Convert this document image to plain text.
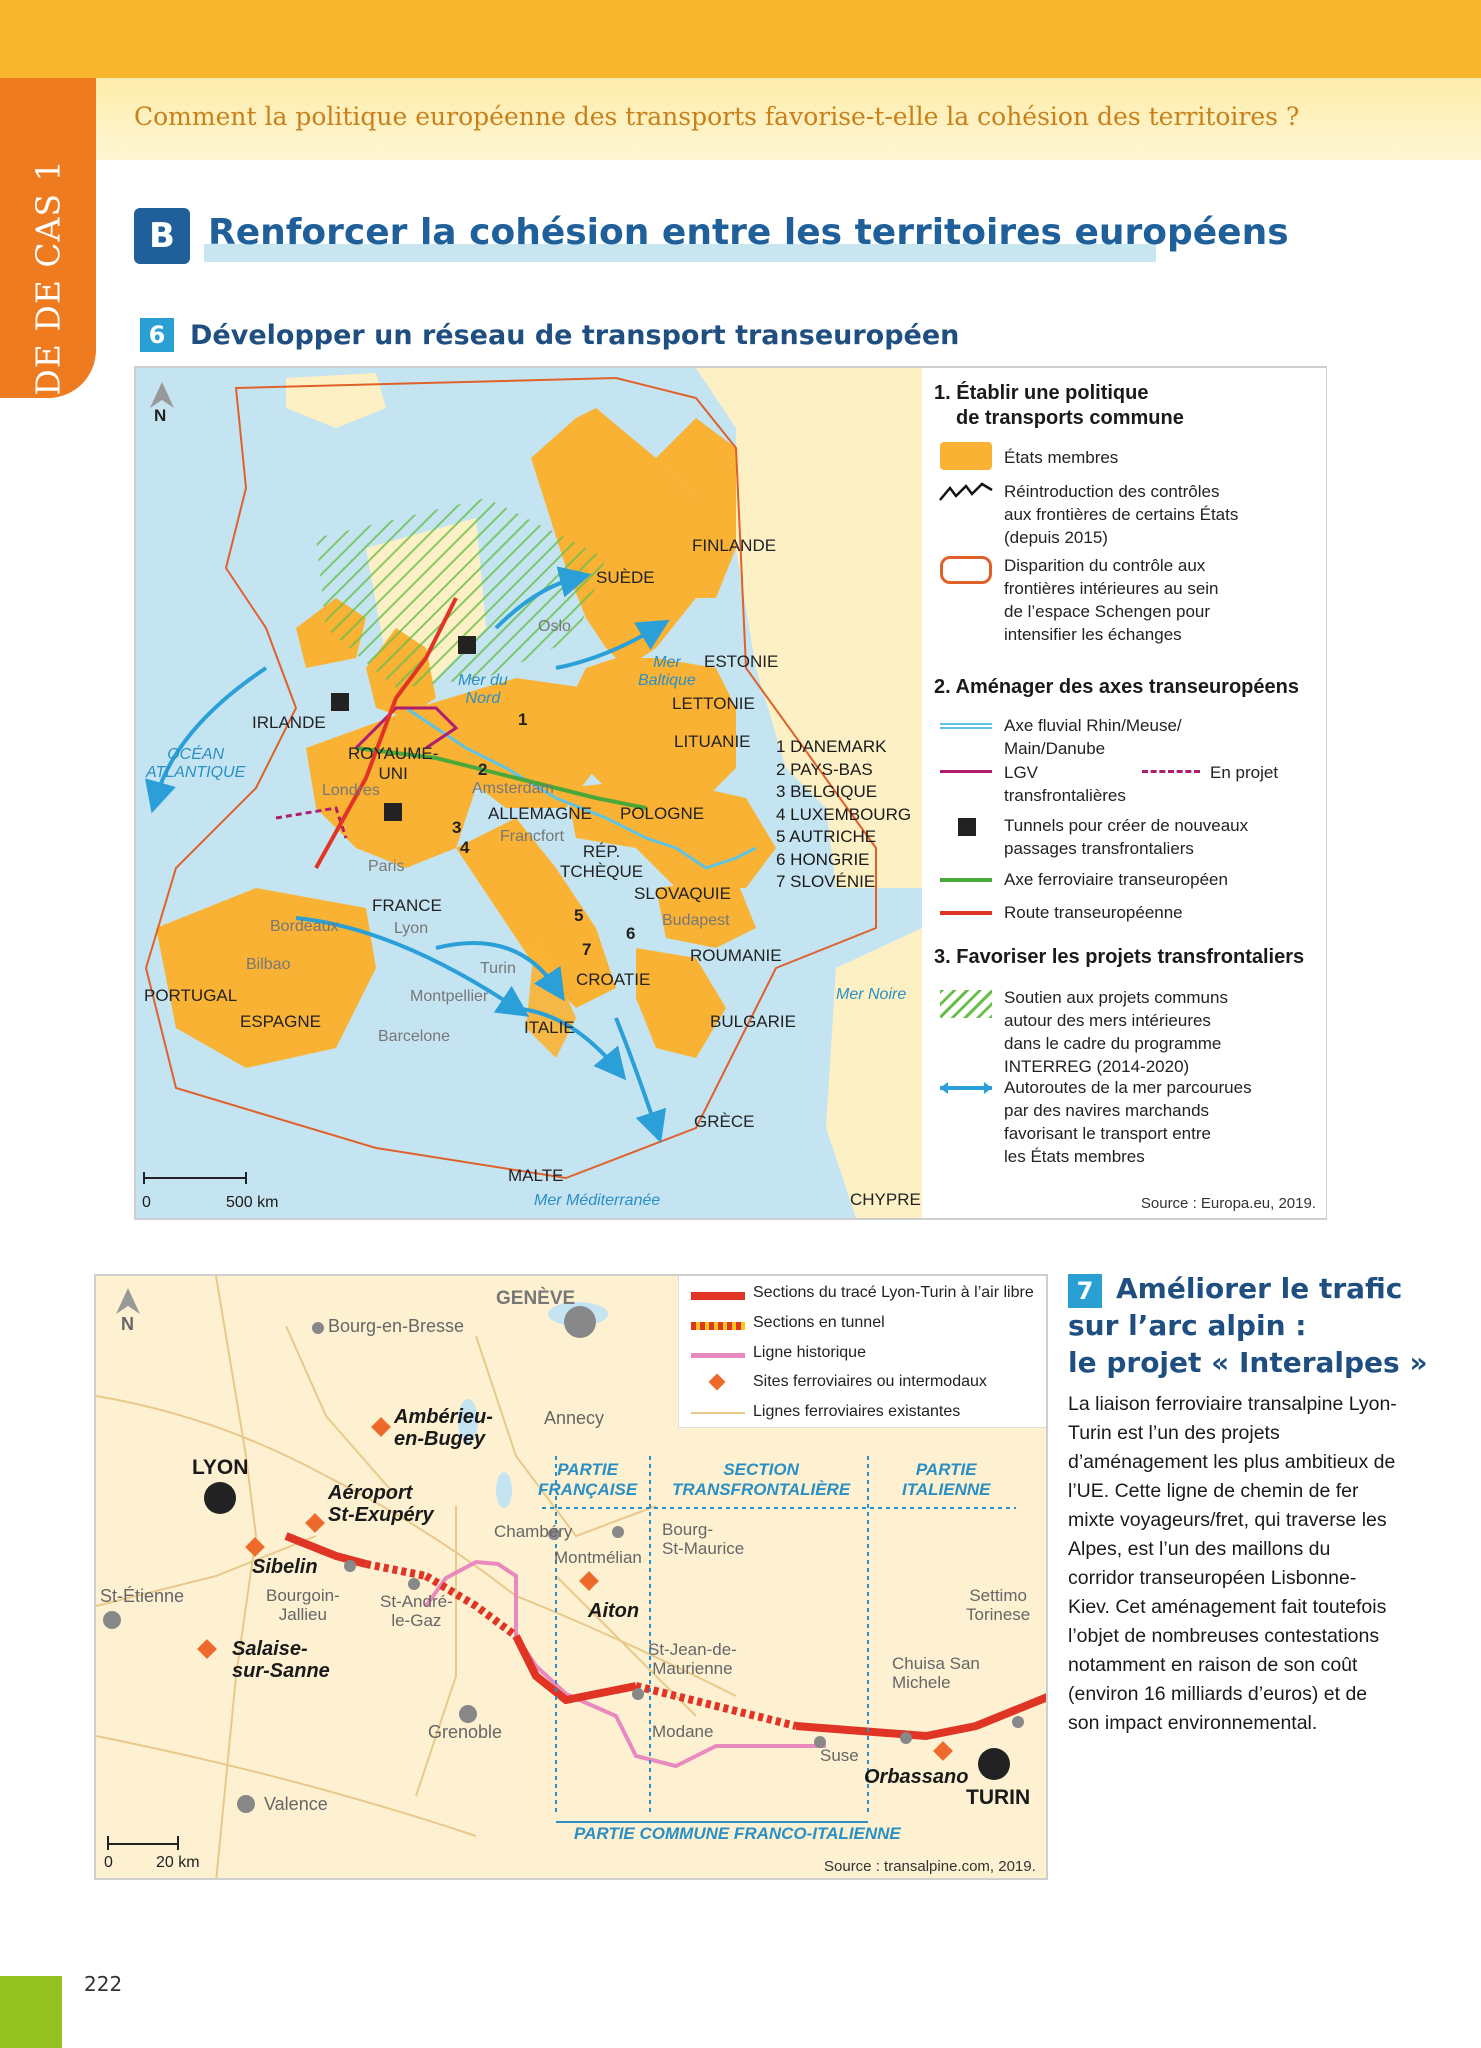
ÉTUDE DE CAS 1
Comment la politique européenne des transports favorise-t-elle la cohésion des territoires ?
B Renforcer la cohésion entre les territoires européens
6 Développer un réseau de transport transeuropéen
N
IRLANDE
ROYAUME-
UNI
FRANCE
ESPAGNE
PORTUGAL
ITALIE
ALLEMAGNE POLOGNE
RÉP.
TCHÈQUE
SLOVAQUIE
ROUMANIE
BULGARIE
GRÈCE
CROATIE
SUÈDE
FINLANDE
ESTONIE
LETTONIE
LITUANIE
MALTE
CHYPRE
Oslo
Amsterdam
Londres
Francfort
Paris
Lyon
Bordeaux
Bilbao	Turin
Montpellier
Barcelone
Budapest
OCÉAN
ATLANTIQUE
Mer du
Nord
Mer
Baltique
Mer Noire
Mer Méditerranée
1
2
3
4
5
6
7
1 DANEMARK
2 PAYS-BAS
3 BELGIQUE
4 LUXEMBOURG
5 AUTRICHE
6 HONGRIE
7 SLOVÉNIE
0	500 km
1. Établir une politique
de transports commune
États membres
Réintroduction des contrôles
aux frontières de certains États
(depuis 2015)
Disparition du contrôle aux
frontières intérieures au sein
de l’espace Schengen pour
intensifier les échanges
2. Aménager des axes transeuropéens
Axe fluvial Rhin/Meuse/
Main/Danube
LGV
transfrontalières
En projet
Tunnels pour créer de nouveaux
passages transfrontaliers
Axe ferroviaire transeuropéen
Route transeuropéenne
3. Favoriser les projets transfrontaliers
Soutien aux projets communs
autour des mers intérieures
dans le cadre du programme
INTERREG (2014-2020)
Autoroutes de la mer parcourues
par des navires marchands
favorisant le transport entre
les États membres
Source : Europa.eu, 2019.
N
LYON
GENÈVE
TURIN
Bourg-en-Bresse
Annecy
Chambéry
Montmélian
Bourg-
St-Maurice
St-Étienne	Bourgoin-
Jallieu
St-André-
le-Gaz
Grenoble
Valence
St-Jean-de-
Maurienne
Modane
Suse
Chuisa San
Michele
Settimo
Torinese
Ambérieu-
en-Bugey
Aéroport
St-Exupéry
Sibelin
Salaise-
sur-Sanne
Aiton
Orbassano
PARTIE
FRANÇAISE
SECTION
TRANSFRONTALIÈRE
PARTIE
ITALIENNE
PARTIE COMMUNE FRANCO-ITALIENNE
0	20 km	Source : transalpine.com, 2019.
Sections du tracé Lyon-Turin à l’air libre
Sections en tunnel
Ligne historique
Sites ferroviaires ou intermodaux
Lignes ferroviaires existantes
7 Améliorer le trafic
sur l’arc alpin :
le projet « Interalpes »
La liaison ferroviaire transalpine Lyon-Turin est l’un des projets d’aménagement les plus ambitieux de l’UE. Cette ligne de chemin de fer mixte voyageurs/fret, qui traverse les Alpes, est l’un des maillons du corridor transeuropéen Lisbonne-Kiev. Cet aménagement fait toutefois l’objet de nombreuses contestations notamment en raison de son coût (environ 16 milliards d’euros) et de son impact environnemental.
222
